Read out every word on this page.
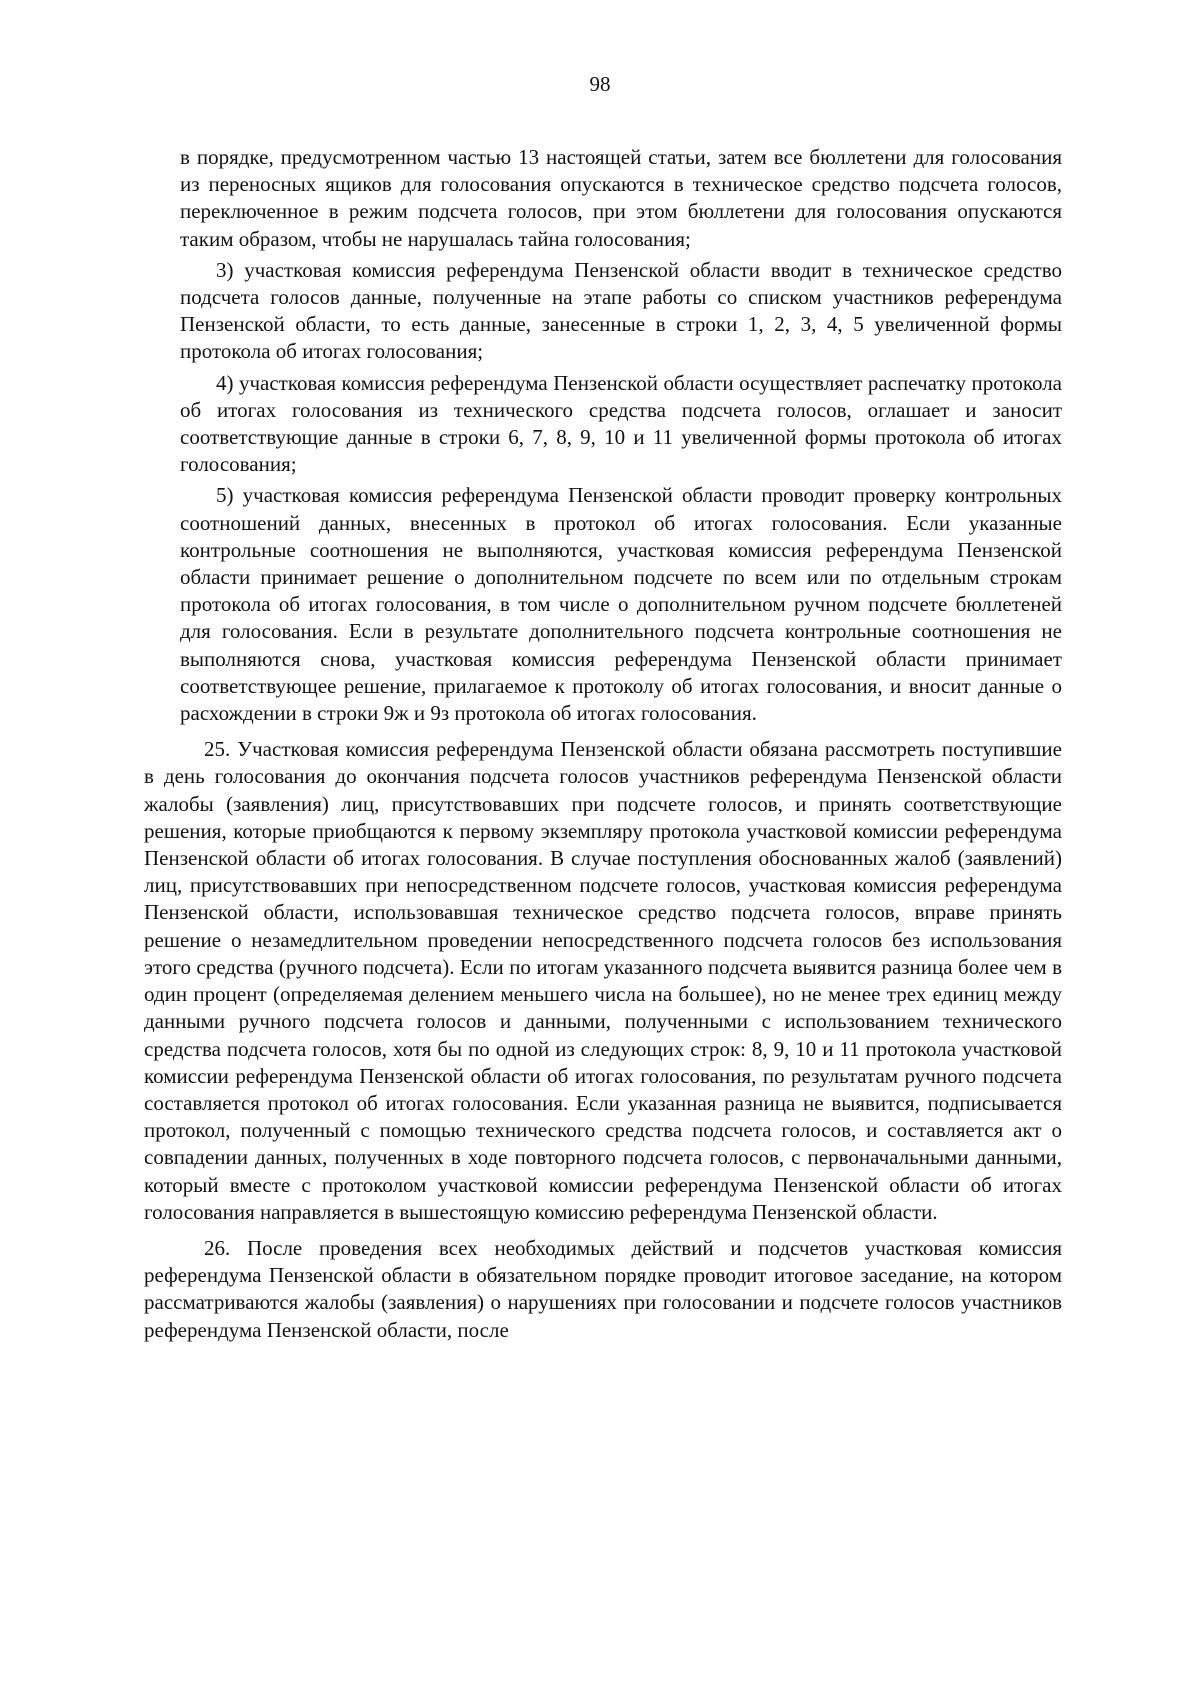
98

в порядке, предусмотренном частью 13 настоящей статьи, затем все бюллетени для голосования из переносных ящиков для голосования опускаются в техническое средство подсчета голосов, переключенное в режим подсчета голосов, при этом бюллетени для голосования опускаются таким образом, чтобы не нарушалась тайна голосования;

3) участковая комиссия референдума Пензенской области вводит в техническое средство подсчета голосов данные, полученные на этапе работы со списком участников референдума Пензенской области, то есть данные, занесенные в строки 1, 2, 3, 4, 5 увеличенной формы протокола об итогах голосования;

4) участковая комиссия референдума Пензенской области осуществляет распечатку протокола об итогах голосования из технического средства подсчета голосов, оглашает и заносит соответствующие данные в строки 6, 7, 8, 9, 10 и 11 увеличенной формы протокола об итогах голосования;

5) участковая комиссия референдума Пензенской области проводит проверку контрольных соотношений данных, внесенных в протокол об итогах голосования. Если указанные контрольные соотношения не выполняются, участковая комиссия референдума Пензенской области принимает решение о дополнительном подсчете по всем или по отдельным строкам протокола об итогах голосования, в том числе о дополнительном ручном подсчете бюллетеней для голосования. Если в результате дополнительного подсчета контрольные соотношения не выполняются снова, участковая комиссия референдума Пензенской области принимает соответствующее решение, прилагаемое к протоколу об итогах голосования, и вносит данные о расхождении в строки 9ж и 9з протокола об итогах голосования.

25. Участковая комиссия референдума Пензенской области обязана рассмотреть поступившие в день голосования до окончания подсчета голосов участников референдума Пензенской области жалобы (заявления) лиц, присутствовавших при подсчете голосов, и принять соответствующие решения, которые приобщаются к первому экземпляру протокола участковой комиссии референдума Пензенской области об итогах голосования. В случае поступления обоснованных жалоб (заявлений) лиц, присутствовавших при непосредственном подсчете голосов, участковая комиссия референдума Пензенской области, использовавшая техническое средство подсчета голосов, вправе принять решение о незамедлительном проведении непосредственного подсчета голосов без использования этого средства (ручного подсчета). Если по итогам указанного подсчета выявится разница более чем в один процент (определяемая делением меньшего числа на большее), но не менее трех единиц между данными ручного подсчета голосов и данными, полученными с использованием технического средства подсчета голосов, хотя бы по одной из следующих строк: 8, 9, 10 и 11 протокола участковой комиссии референдума Пензенской области об итогах голосования, по результатам ручного подсчета составляется протокол об итогах голосования. Если указанная разница не выявится, подписывается протокол, полученный с помощью технического средства подсчета голосов, и составляется акт о совпадении данных, полученных в ходе повторного подсчета голосов, с первоначальными данными, который вместе с протоколом участковой комиссии референдума Пензенской области об итогах голосования направляется в вышестоящую комиссию референдума Пензенской области.

26. После проведения всех необходимых действий и подсчетов участковая комиссия референдума Пензенской области в обязательном порядке проводит итоговое заседание, на котором рассматриваются жалобы (заявления) о нарушениях при голосовании и подсчете голосов участников референдума Пензенской области, после
